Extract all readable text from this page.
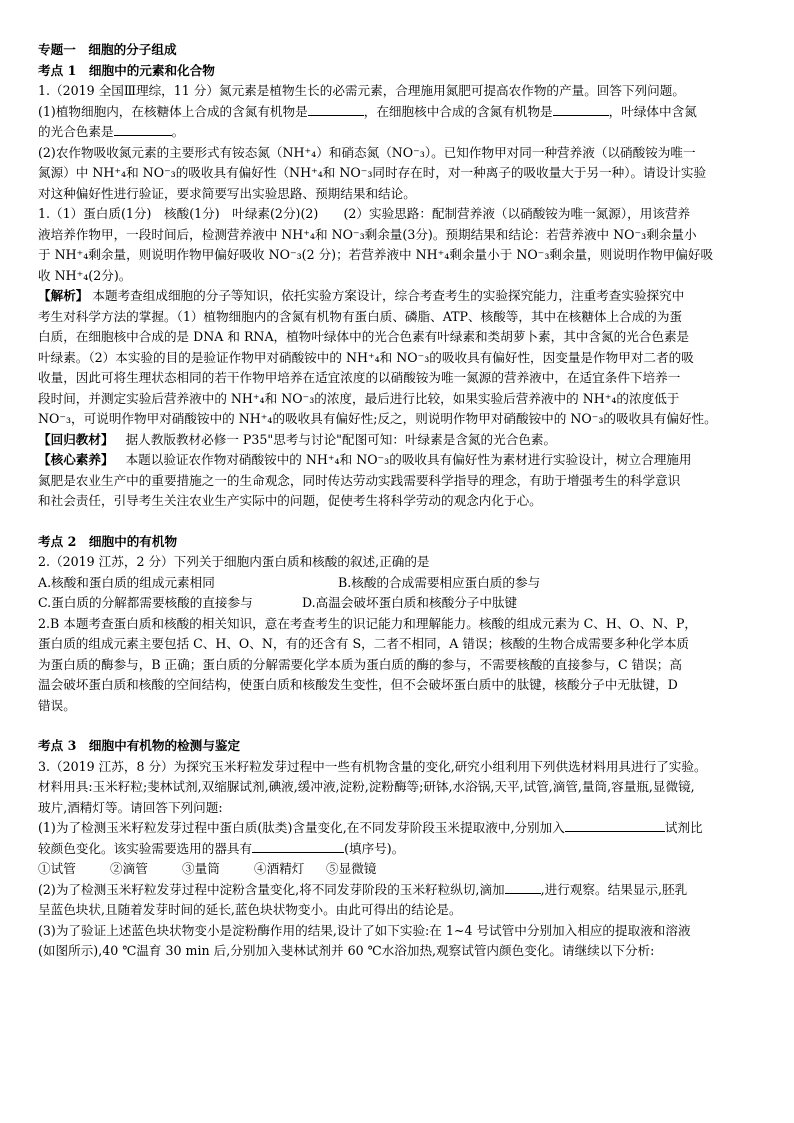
专题一　细胞的分子组成

考点 1　细胞中的元素和化合物

1.（2019 全国Ⅲ理综，11 分）氮元素是植物生长的必需元素，合理施用氮肥可提高农作物的产量。回答下列问题。

(1)植物细胞内，在核糖体上合成的含氮有机物是	，在细胞核中合成的含氮有机物是	，叶绿体中含氮

的光合色素是	。

(2)农作物吸收氮元素的主要形式有铵态氮（NH⁺₄）和硝态氮（NO⁻₃）。已知作物甲对同一种营养液（以硝酸铵为唯一

氮源）中 NH⁺₄和 NO⁻₃的吸收具有偏好性（NH⁺₄和 NO⁻₃同时存在时，对一种离子的吸收量大于另一种）。请设计实验

对这种偏好性进行验证，要求简要写出实验思路、预期结果和结论。

1.（1）蛋白质(1分)　核酸(1分)　叶绿素(2分)(2)　　(2）实验思路：配制营养液（以硝酸铵为唯一氮源），用该营养

液培养作物甲，一段时间后，检测营养液中 NH⁺₄和 NO⁻₃剩余量(3分)。预期结果和结论：若营养液中 NO⁻₃剩余量小

于 NH⁺₄剩余量，则说明作物甲偏好吸收 NO⁻₃(2 分)；若营养液中 NH⁺₄剩余量小于 NO⁻₃剩余量，则说明作物甲偏好吸

收 NH⁺₄(2分)。

【解析】 本题考查组成细胞的分子等知识，依托实验方案设计，综合考查考生的实验探究能力，注重考查实验探究中

考生对科学方法的掌握。（1）植物细胞内的含氮有机物有蛋白质、磷脂、ATP、核酸等，其中在核糖体上合成的为蛋

白质，在细胞核中合成的是 DNA 和 RNA，植物叶绿体中的光合色素有叶绿素和类胡萝卜素，其中含氮的光合色素是

叶绿素。（2）本实验的目的是验证作物甲对硝酸铵中的 NH⁺₄和 NO⁻₃的吸收具有偏好性，因变量是作物甲对二者的吸

收量，因此可将生理状态相同的若干作物甲培养在适宜浓度的以硝酸铵为唯一氮源的营养液中，在适宜条件下培养一

段时间，并测定实验后营养液中的 NH⁺₄和 NO⁻₃的浓度，最后进行比较，如果实验后营养液中的 NH⁺₄的浓度低于

NO⁻₃，可说明作物甲对硝酸铵中的 NH⁺₄的吸收具有偏好性;反之，则说明作物甲对硝酸铵中的 NO⁻₃的吸收具有偏好性。

【回归教材】 据人教版教材必修一 P35"思考与讨论"配图可知：叶绿素是含氮的光合色素。

【核心素养】 本题以验证农作物对硝酸铵中的 NH⁺₄和 NO⁻₃的吸收具有偏好性为素材进行实验设计，树立合理施用

氮肥是农业生产中的重要措施之一的生命观念，同时传达劳动实践需要科学指导的理念，有助于增强考生的科学意识

和社会责任，引导考生关注农业生产实际中的问题，促使考生将科学劳动的观念内化于心。

考点 2　细胞中的有机物

2.（2019 江苏，2 分）下列关于细胞内蛋白质和核酸的叙述,正确的是

A.核酸和蛋白质的组成元素相同	B.核酸的合成需要相应蛋白质的参与
C.蛋白质的分解都需要核酸的直接参与	D.高温会破坏蛋白质和核酸分子中肽键

2.B 本题考查蛋白质和核酸的相关知识，意在考查考生的识记能力和理解能力。核酸的组成元素为 C、H、O、N、P，

蛋白质的组成元素主要包括 C、H、O、N，有的还含有 S，二者不相同，A 错误；核酸的生物合成需要多种化学本质

为蛋白质的酶参与，B 正确；蛋白质的分解需要化学本质为蛋白质的酶的参与，不需要核酸的直接参与，C 错误；高

温会破坏蛋白质和核酸的空间结构，使蛋白质和核酸发生变性，但不会破坏蛋白质中的肽键，核酸分子中无肽键，D

错误。

考点 3　细胞中有机物的检测与鉴定

3.（2019 江苏，8 分）为探究玉米籽粒发芽过程中一些有机物含量的变化,研究小组利用下列供选材料用具进行了实验。

材料用具:玉米籽粒;斐林试剂,双缩脲试剂,碘液,缓冲液,淀粉,淀粉酶等;研钵,水浴锅,天平,试管,滴管,量筒,容量瓶,显微镜,

玻片,酒精灯等。请回答下列问题:

(1)为了检测玉米籽粒发芽过程中蛋白质(肽类)含量变化,在不同发芽阶段玉米提取液中,分别加入	试剂比

较颜色变化。该实验需要选用的器具有	(填序号)。

①试管	②滴管	③量筒	④酒精灯	⑤显微镜

(2)为了检测玉米籽粒发芽过程中淀粉含量变化,将不同发芽阶段的玉米籽粒纵切,滴加	,进行观察。结果显示,胚乳

呈蓝色块状,且随着发芽时间的延长,蓝色块状物变小。由此可得出的结论是。

(3)为了验证上述蓝色块状物变小是淀粉酶作用的结果,设计了如下实验:在 1~4 号试管中分别加入相应的提取液和溶液

(如图所示),40 ℃温育 30 min 后,分别加入斐林试剂并 60 ℃水浴加热,观察试管内颜色变化。请继续以下分析:
